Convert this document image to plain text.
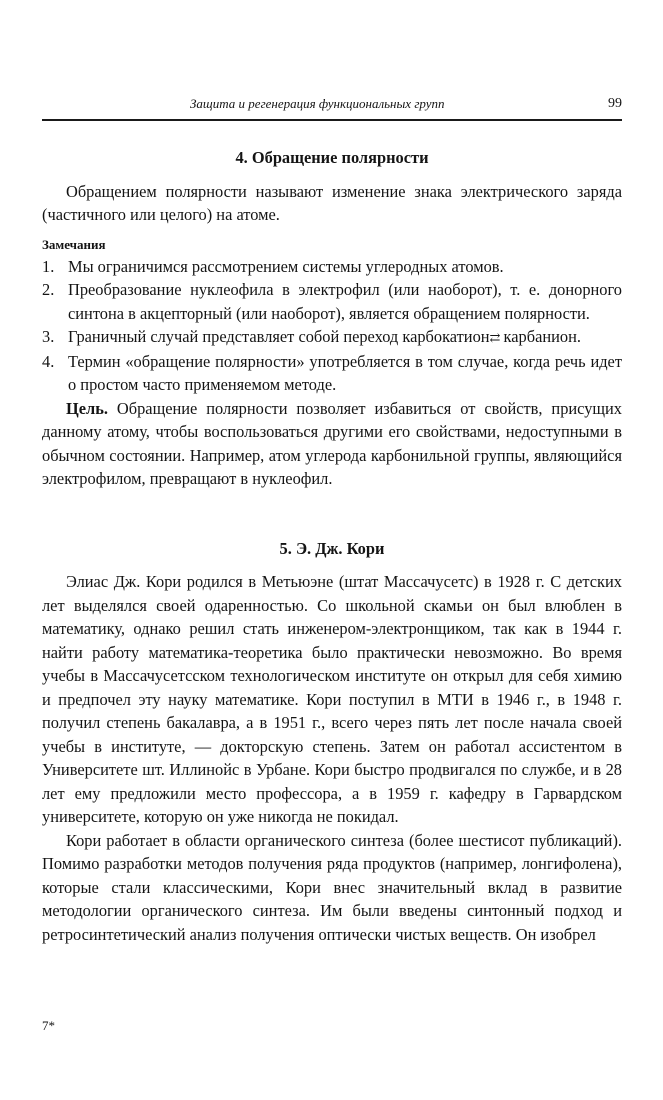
Защита и регенерация функциональных групп	99
4. Обращение полярности

Обращением полярности называют изменение знака электрического заряда (частичного или целого) на атоме.

Замечания
1. Мы ограничимся рассмотрением системы углеродных атомов.
2. Преобразование нуклеофила в электрофил (или наоборот), т. е. донорного синтона в акцепторный (или наоборот), является обращением полярности.
3. Граничный случай представляет собой переход карбокатион⇄ карбанион.
4. Термин «обращение полярности» употребляется в том случае, когда речь идет о простом часто применяемом методе.

Цель. Обращение полярности позволяет избавиться от свойств, присущих данному атому, чтобы воспользоваться другими его свойствами, недоступными в обычном состоянии. Например, атом углерода карбонильной группы, являющийся электрофилом, превращают в нуклеофил.

5. Э. Дж. Кори

Элиас Дж. Кори родился в Метьюэне (штат Массачусетс) в 1928 г. С детских лет выделялся своей одаренностью. Со школьной скамьи он был влюблен в математику, однако решил стать инженером-электронщиком, так как в 1944 г. найти работу математика-теоретика было практически невозможно. Во время учебы в Массачусетсском технологическом институте он открыл для себя химию и предпочел эту науку математике. Кори поступил в МТИ в 1946 г., в 1948 г. получил степень бакалавра, а в 1951 г., всего через пять лет после начала своей учебы в институте, — докторскую степень. Затем он работал ассистентом в Университете шт. Иллинойс в Урбане. Кори быстро продвигался по службе, и в 28 лет ему предложили место профессора, а в 1959 г. кафедру в Гарвардском университете, которую он уже никогда не покидал.

Кори работает в области органического синтеза (более шестисот публикаций). Помимо разработки методов получения ряда продуктов (например, лонгифолена), которые стали классическими, Кори внес значительный вклад в развитие методологии органического синтеза. Им были введены синтонный подход и ретросинтетический анализ получения оптически чистых веществ. Он изобрел

7*
